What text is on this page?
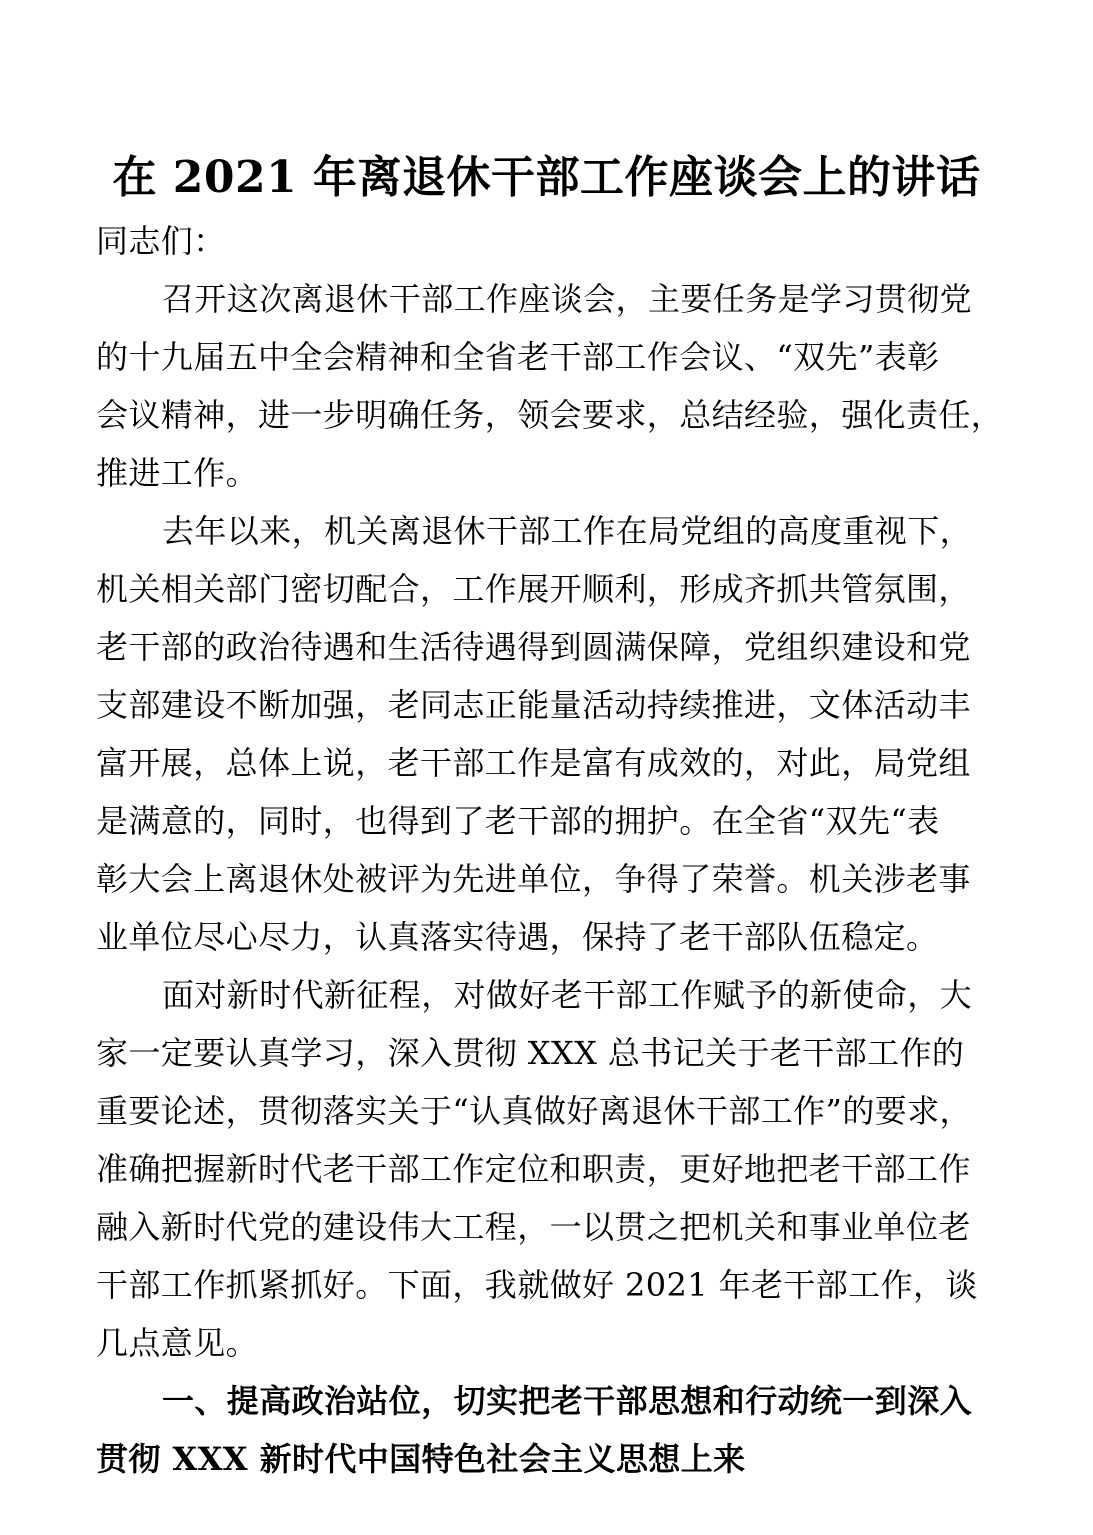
在 2021 年离退休干部工作座谈会上的讲话
同志们：
召开这次离退休干部工作座谈会，主要任务是学习贯彻党
的十九届五中全会精神和全省老干部工作会议、“双先”表彰
会议精神，进一步明确任务，领会要求，总结经验，强化责任，
推进工作。
去年以来，机关离退休干部工作在局党组的高度重视下，
机关相关部门密切配合，工作展开顺利，形成齐抓共管氛围，
老干部的政治待遇和生活待遇得到圆满保障，党组织建设和党
支部建设不断加强，老同志正能量活动持续推进，文体活动丰
富开展，总体上说，老干部工作是富有成效的，对此，局党组
是满意的，同时，也得到了老干部的拥护。在全省“双先“表
彰大会上离退休处被评为先进单位，争得了荣誉。机关涉老事
业单位尽心尽力，认真落实待遇，保持了老干部队伍稳定。
面对新时代新征程，对做好老干部工作赋予的新使命，大
家一定要认真学习，深入贯彻 XXX 总书记关于老干部工作的
重要论述，贯彻落实关于“认真做好离退休干部工作”的要求，
准确把握新时代老干部工作定位和职责，更好地把老干部工作
融入新时代党的建设伟大工程，一以贯之把机关和事业单位老
干部工作抓紧抓好。下面，我就做好 2021 年老干部工作，谈
几点意见。
一、提高政治站位，切实把老干部思想和行动统一到深入
贯彻 XXX 新时代中国特色社会主义思想上来
